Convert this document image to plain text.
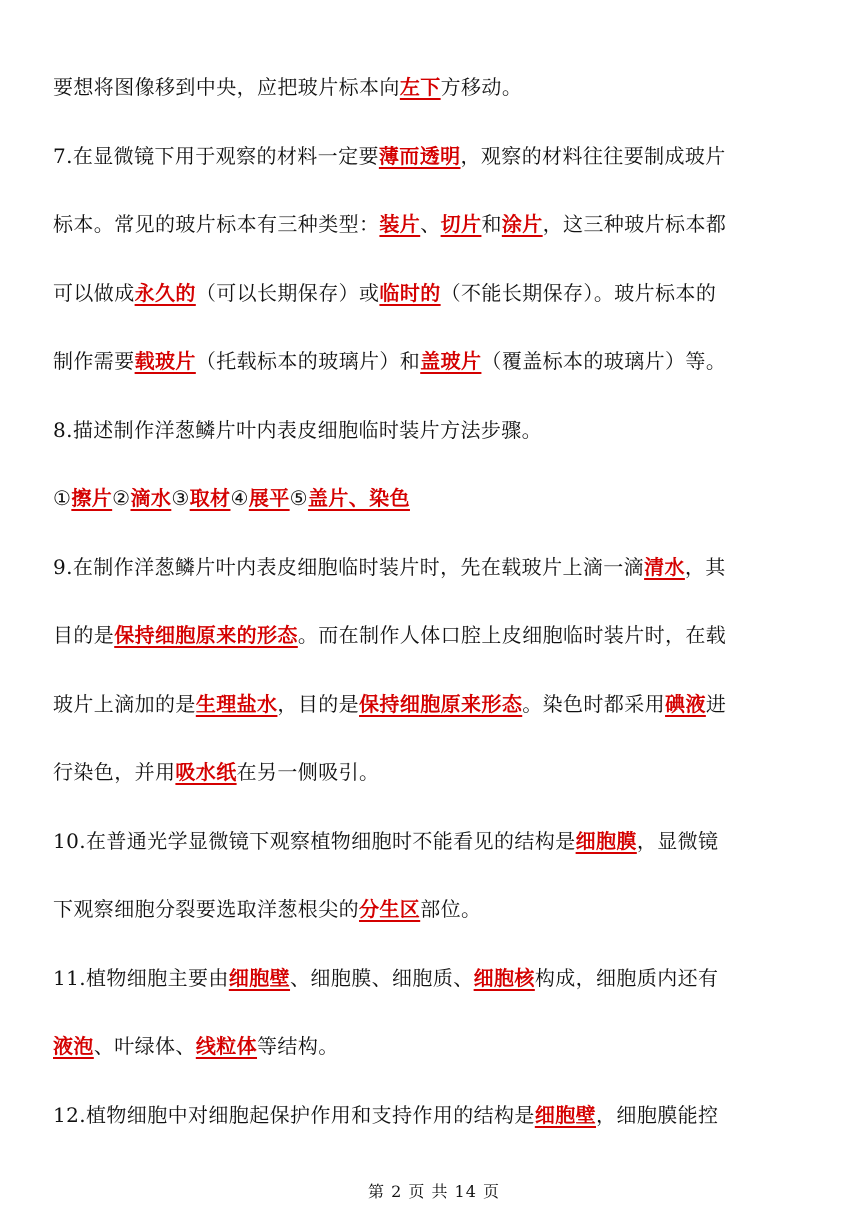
要想将图像移到中央，应把玻片标本向左下方移动。
7.在显微镜下用于观察的材料一定要薄而透明，观察的材料往往要制成玻片
标本。常见的玻片标本有三种类型：装片、切片和涂片，这三种玻片标本都
可以做成永久的（可以长期保存）或临时的（不能长期保存）。玻片标本的
制作需要载玻片（托载标本的玻璃片）和盖玻片（覆盖标本的玻璃片）等。
8.描述制作洋葱鳞片叶内表皮细胞临时装片方法步骤。
①擦片②滴水③取材④展平⑤盖片、染色
9.在制作洋葱鳞片叶内表皮细胞临时装片时，先在载玻片上滴一滴清水，其
目的是保持细胞原来的形态。而在制作人体口腔上皮细胞临时装片时，在载
玻片上滴加的是生理盐水，目的是保持细胞原来形态。染色时都采用碘液进
行染色，并用吸水纸在另一侧吸引。
10.在普通光学显微镜下观察植物细胞时不能看见的结构是细胞膜，显微镜
下观察细胞分裂要选取洋葱根尖的分生区部位。
11.植物细胞主要由细胞壁、细胞膜、细胞质、细胞核构成，细胞质内还有
液泡、叶绿体、线粒体等结构。
12.植物细胞中对细胞起保护作用和支持作用的结构是细胞壁，细胞膜能控
第 2 页 共 14 页
